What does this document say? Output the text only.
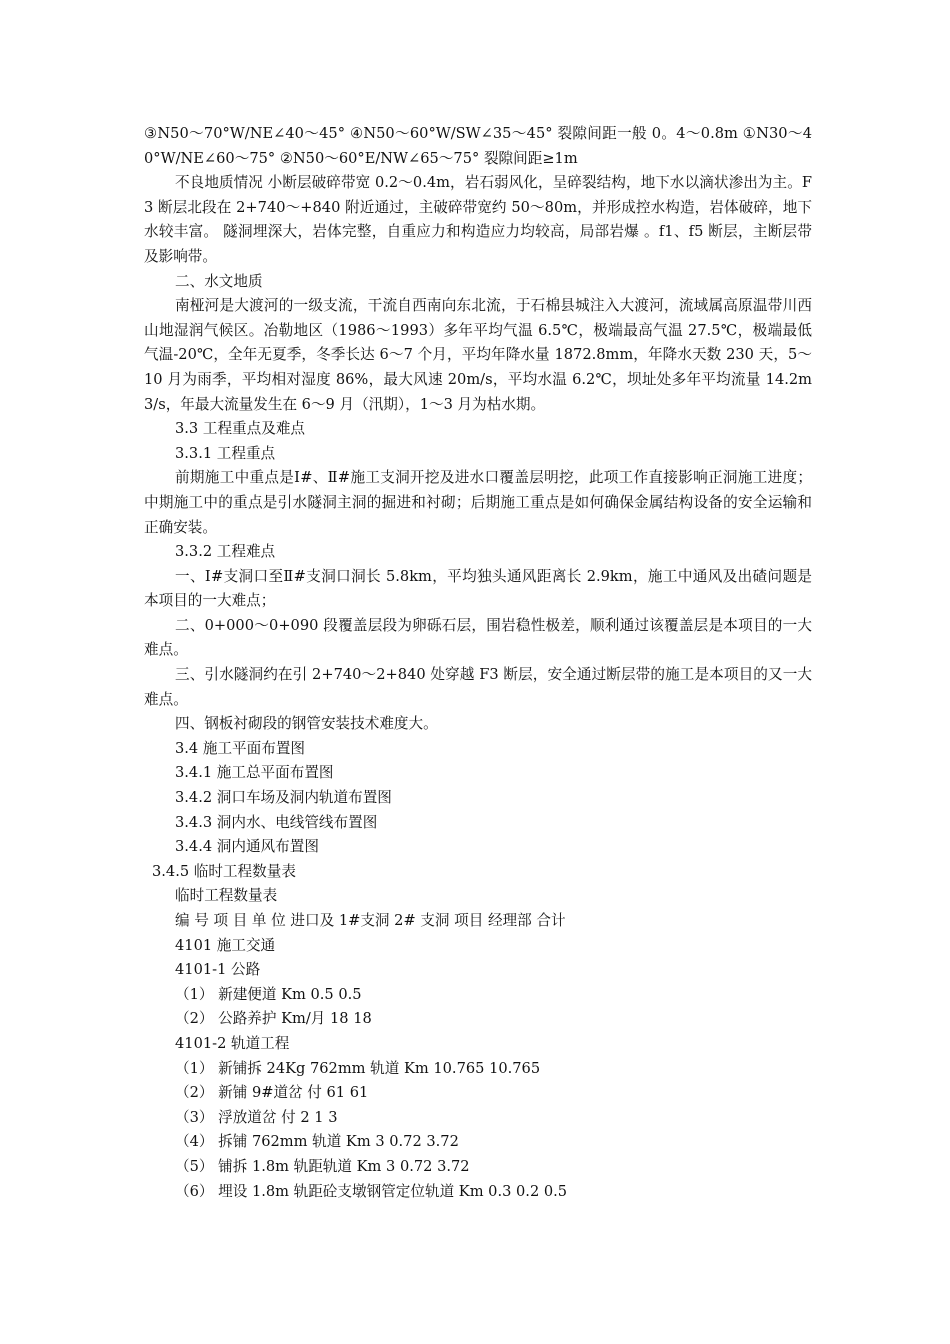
③N50～70°W/NE∠40～45° ④N50～60°W/SW∠35～45° 裂隙间距一般 0。4～0.8m ①N30～40°W/NE∠60～75° ②N50～60°E/NW∠65～75° 裂隙间距≥1m

不良地质情况 小断层破碎带宽 0.2～0.4m，岩石弱风化，呈碎裂结构，地下水以滴状渗出为主。F3 断层北段在 2+740～+840 附近通过，主破碎带宽约 50～80m，并形成控水构造，岩体破碎，地下水较丰富。 隧洞埋深大，岩体完整，自重应力和构造应力均较高，局部岩爆 。f1、f5 断层，主断层带及影响带。

二、水文地质

南桠河是大渡河的一级支流，干流自西南向东北流，于石棉县城注入大渡河，流域属高原温带川西山地湿润气候区。冶勒地区（1986～1993）多年平均气温 6.5℃，极端最高气温 27.5℃，极端最低气温-20℃，全年无夏季，冬季长达 6～7 个月，平均年降水量 1872.8mm，年降水天数 230 天，5～10 月为雨季，平均相对湿度 86%，最大风速 20m/s，平均水温 6.2℃，坝址处多年平均流量 14.2m3/s，年最大流量发生在 6～9 月（汛期），1～3 月为枯水期。

3.3 工程重点及难点

3.3.1 工程重点

前期施工中重点是Ⅰ#、Ⅱ#施工支洞开挖及进水口覆盖层明挖，此项工作直接影响正洞施工进度；中期施工中的重点是引水隧洞主洞的掘进和衬砌；后期施工重点是如何确保金属结构设备的安全运输和正确安装。

3.3.2 工程难点

一、Ⅰ#支洞口至Ⅱ#支洞口洞长 5.8km，平均独头通风距离长 2.9km，施工中通风及出碴问题是本项目的一大难点；

二、0+000～0+090 段覆盖层段为卵砾石层，围岩稳性极差，顺利通过该覆盖层是本项目的一大难点。

三、引水隧洞约在引 2+740～2+840 处穿越 F3 断层，安全通过断层带的施工是本项目的又一大难点。

四、钢板衬砌段的钢管安装技术难度大。

3.4 施工平面布置图

3.4.1 施工总平面布置图

3.4.2 洞口车场及洞内轨道布置图

3.4.3 洞内水、电线管线布置图

3.4.4 洞内通风布置图

3.4.5 临时工程数量表

临时工程数量表

编 号 项 目 单 位 进口及 1#支洞 2# 支洞 项目 经理部 合计

4101 施工交通

4101-1 公路

（1） 新建便道 Km 0.5 0.5

（2） 公路养护 Km/月 18 18

4101-2 轨道工程

（1） 新铺拆 24Kg 762mm 轨道 Km 10.765 10.765

（2） 新铺 9#道岔 付 61 61

（3） 浮放道岔 付 2 1 3

（4） 拆铺 762mm 轨道 Km 3 0.72 3.72

（5） 铺拆 1.8m 轨距轨道 Km 3 0.72 3.72

（6） 埋设 1.8m 轨距砼支墩钢管定位轨道 Km 0.3 0.2 0.5
